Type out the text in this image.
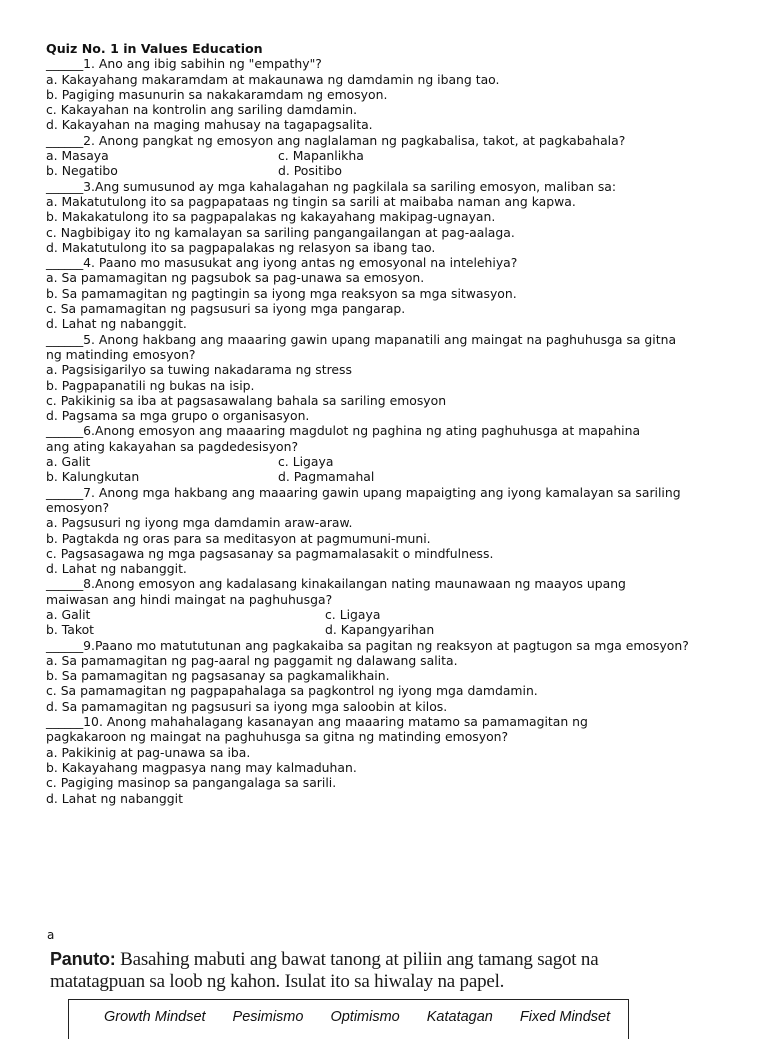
Quiz No. 1 in Values Education

______1. Ano ang ibig sabihin ng "empathy"?

a. Kakayahang makaramdam at makaunawa ng damdamin ng ibang tao.

b. Pagiging masunurin sa nakakaramdam ng emosyon.

c. Kakayahan na kontrolin ang sariling damdamin.

d. Kakayahan na maging mahusay na tagapagsalita.

______2. Anong pangkat ng emosyon ang naglalaman ng pagkabalisa, takot, at pagkabahala?

a. Masaya	c. Mapanlikha
b. Negatibo	d. Positibo

______3.Ang sumusunod ay mga kahalagahan ng pagkilala sa sariling emosyon, maliban sa:

a. Makatutulong ito sa pagpapataas ng tingin sa sarili at maibaba naman ang kapwa.

b. Makakatulong ito sa pagpapalakas ng kakayahang makipag-ugnayan.

c. Nagbibigay ito ng kamalayan sa sariling pangangailangan at pag-aalaga.

d. Makatutulong ito sa pagpapalakas ng relasyon sa ibang tao.

______4. Paano mo masusukat ang iyong antas ng emosyonal na intelehiya?

a. Sa pamamagitan ng pagsubok sa pag-unawa sa emosyon.

b. Sa pamamagitan ng pagtingin sa iyong mga reaksyon sa mga sitwasyon.

c. Sa pamamagitan ng pagsusuri sa iyong mga pangarap.

d. Lahat ng nabanggit.

______5. Anong hakbang ang maaaring gawin upang mapanatili ang maingat na paghuhusga sa gitna

ng matinding emosyon?

a. Pagsisigarilyo sa tuwing nakadarama ng stress

b. Pagpapanatili ng bukas na isip.

c. Pakikinig sa iba at pagsasawalang bahala sa sariling emosyon

d. Pagsama sa mga grupo o organisasyon.

______6.Anong emosyon ang maaaring magdulot ng paghina ng ating paghuhusga at mapahina

ang ating kakayahan sa pagdedesisyon?

a. Galit	c. Ligaya
b. Kalungkutan	d. Pagmamahal

______7. Anong mga hakbang ang maaaring gawin upang mapaigting ang iyong kamalayan sa sariling

emosyon?

a. Pagsusuri ng iyong mga damdamin araw-araw.

b. Pagtakda ng oras para sa meditasyon at pagmumuni-muni.

c. Pagsasagawa ng mga pagsasanay sa pagmamalasakit o mindfulness.

d. Lahat ng nabanggit.

______8.Anong emosyon ang kadalasang kinakailangan nating maunawaan ng maayos upang

maiwasan ang hindi maingat na paghuhusga?

a. Galit	c. Ligaya
b. Takot	d. Kapangyarihan

______9.Paano mo matututunan ang pagkakaiba sa pagitan ng reaksyon at pagtugon sa mga emosyon?

a. Sa pamamagitan ng pag-aaral ng paggamit ng dalawang salita.

b. Sa pamamagitan ng pagsasanay sa pagkamalikhain.

c. Sa pamamagitan ng pagpapahalaga sa pagkontrol ng iyong mga damdamin.

d. Sa pamamagitan ng pagsusuri sa iyong mga saloobin at kilos.

______10. Anong mahahalagang kasanayan ang maaaring matamo sa pamamagitan ng

pagkakaroon ng maingat na paghuhusga sa gitna ng matinding emosyon?

a. Pakikinig at pag-unawa sa iba.

b. Kakayahang magpasya nang may kalmaduhan.

c. Pagiging masinop sa pangangalaga sa sarili.

d. Lahat ng nabanggit

a
Panuto: Basahing mabuti ang bawat tanong at piliin ang tamang sagot na
matatagpuan sa loob ng kahon. Isulat ito sa hiwalay na papel.
Growth Mindset Pesimismo Optimismo Katatagan Fixed Mindset
